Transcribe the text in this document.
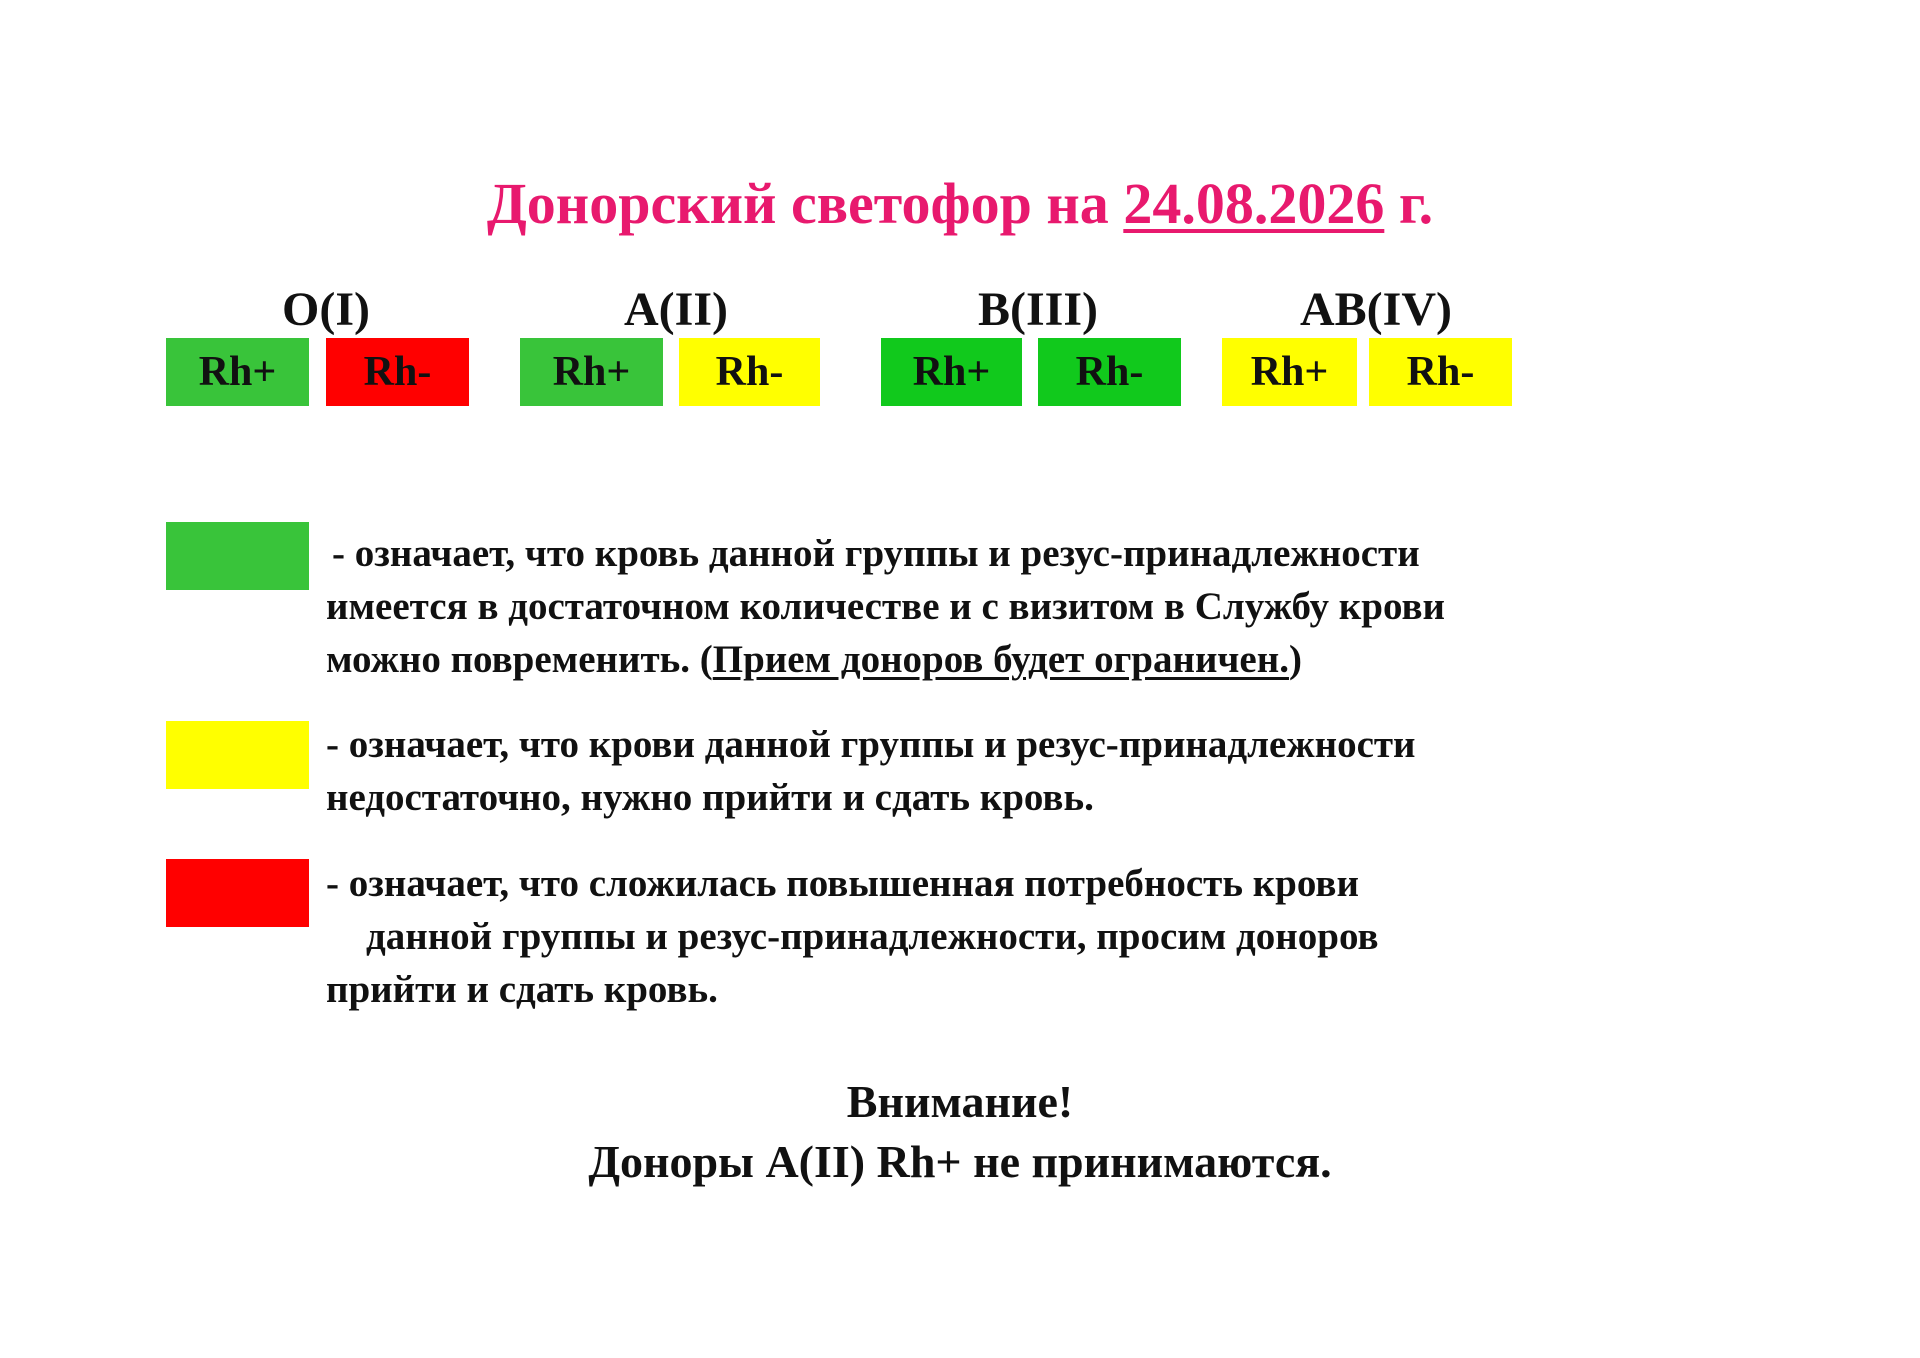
Донорский светофор на 24.08.2026 г.
O(I)	A(II)	B(III)	AB(IV)
Rh+	Rh-	Rh+	Rh-	Rh+	Rh-	Rh+	Rh-
- означает, что кровь данной группы и резус-принадлежности
имеется в достаточном количестве и с визитом в Службу крови
можно повременить. (Прием доноров будет ограничен.)
- означает, что крови данной группы и резус-принадлежности
недостаточно, нужно прийти и сдать кровь.
- означает, что сложилась повышенная потребность крови
данной группы и резус-принадлежности, просим доноров
прийти и сдать кровь.
Внимание!
Доноры А(II) Rh+ не принимаются.
